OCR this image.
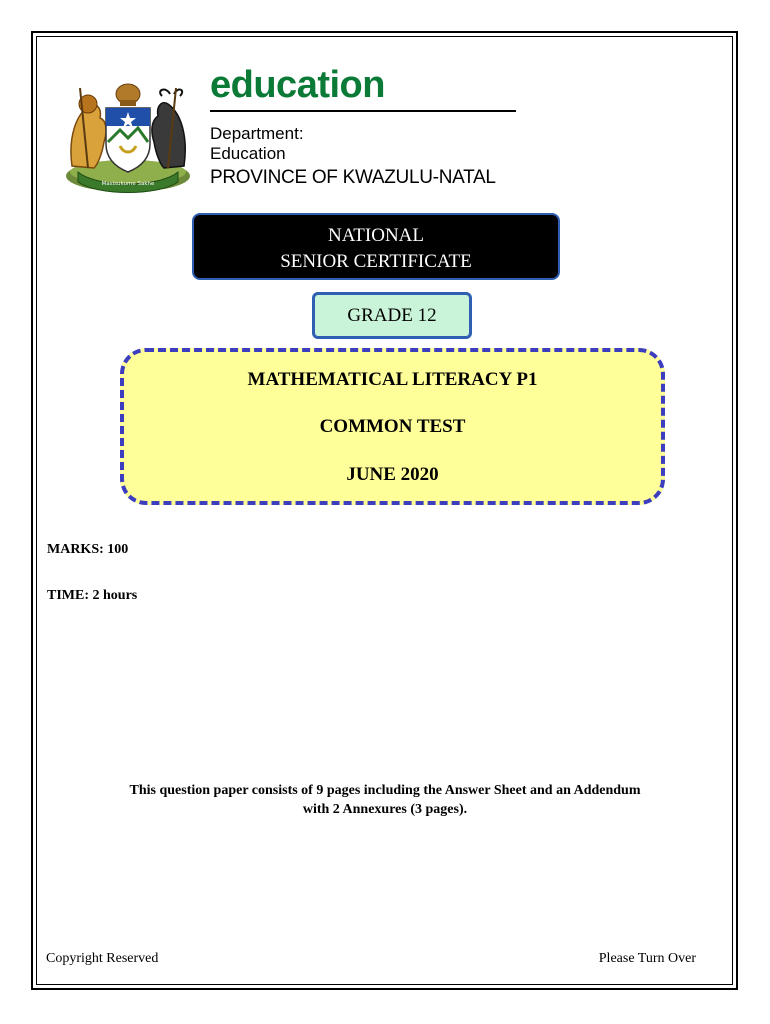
Masisukume Sakhe
education
Department:
Education
PROVINCE OF KWAZULU-NATAL
NATIONAL
SENIOR CERTIFICATE
GRADE 12
MATHEMATICAL LITERACY P1
COMMON TEST
JUNE 2020
MARKS: 100
TIME: 2 hours
This question paper consists of 9 pages including the Answer Sheet and an Addendum
with 2 Annexures (3 pages).
Copyright Reserved	Please Turn Over
